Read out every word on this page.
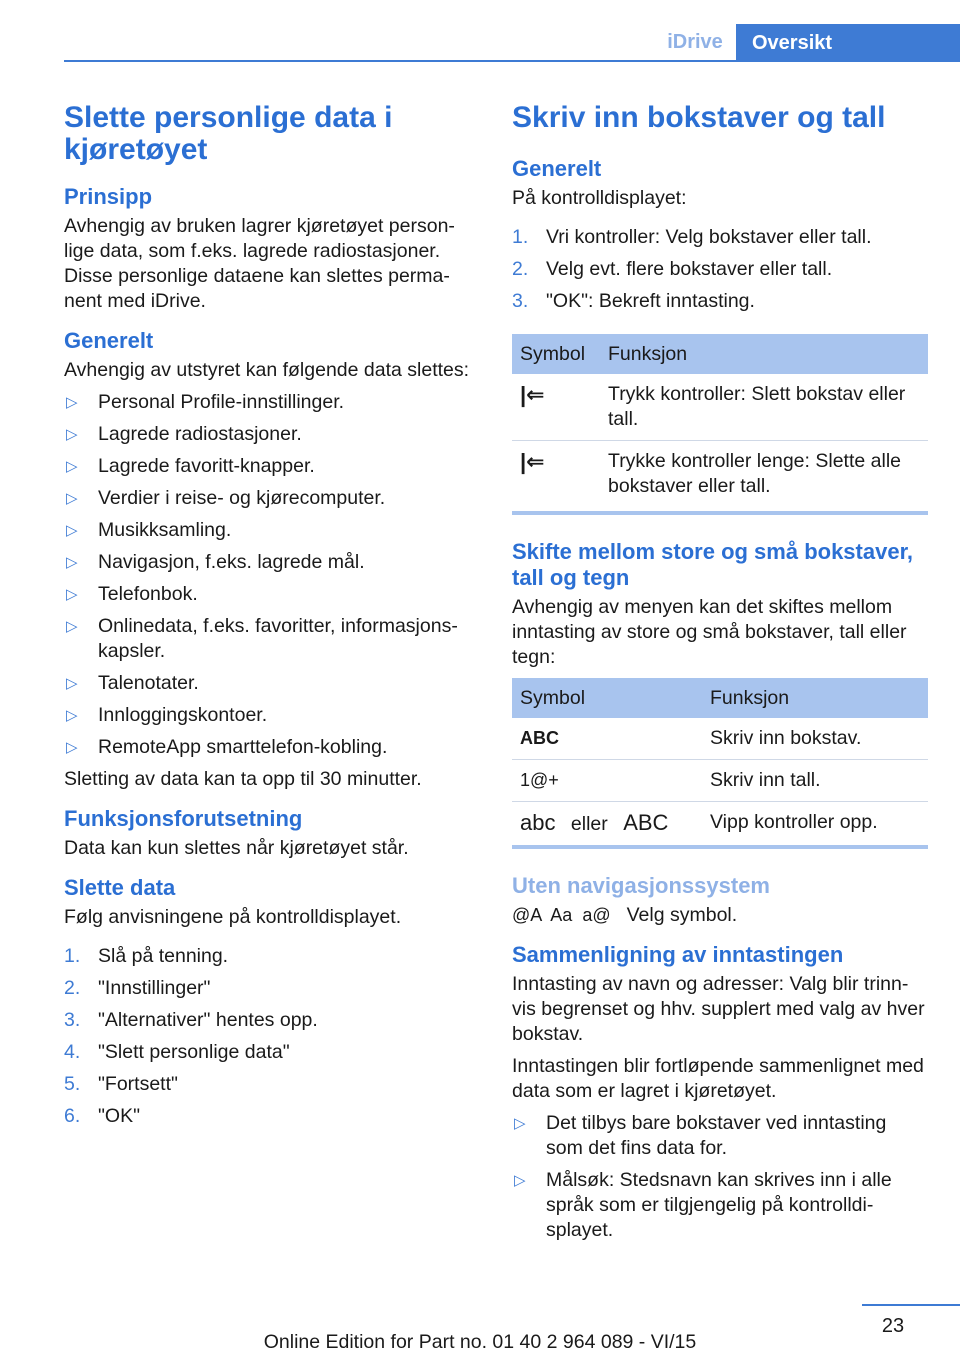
iDrive	Oversikt
Slette personlige data i kjøretøyet
Prinsipp

Avhengig av bruken lagrer kjøretøyet person-lige data, som f.eks. lagrede radiostasjoner. Disse personlige dataene kan slettes perma-nent med iDrive.

Generelt

Avhengig av utstyret kan følgende data slettes:

▷ Personal Profile-innstillinger.
▷ Lagrede radiostasjoner.
▷ Lagrede favoritt-knapper.
▷ Verdier i reise- og kjørecomputer.
▷ Musikksamling.
▷ Navigasjon, f.eks. lagrede mål.
▷ Telefonbok.
▷ Onlinedata, f.eks. favoritter, informasjons-kapsler.
▷ Talenotater.
▷ Innloggingskontoer.
▷ RemoteApp smarttelefon-kobling.

Sletting av data kan ta opp til 30 minutter.

Funksjonsforutsetning

Data kan kun slettes når kjøretøyet står.

Slette data

Følg anvisningene på kontrolldisplayet.

1. Slå på tenning.
2. "Innstillinger"
3. "Alternativer" hentes opp.
4. "Slett personlige data"
5. "Fortsett"
6. "OK"
Skriv inn bokstaver og tall
Generelt

På kontrolldisplayet:

1. Vri kontroller: Velg bokstaver eller tall.
2. Velg evt. flere bokstaver eller tall.
3. "OK": Bekreft inntasting.
Symbol	Funksjon
|⇐	Trykk kontroller: Slett bokstav eller tall.
|⇐	Trykke kontroller lenge: Slette alle bokstaver eller tall.
Skifte mellom store og små bokstaver, tall og tegn

Avhengig av menyen kan det skiftes mellom inntasting av store og små bokstaver, tall eller tegn:

Symbol	Funksjon
ABC	Skriv inn bokstav.
1@+	Skriv inn tall.
abc eller ABC	Vipp kontroller opp.
Uten navigasjonssystem
@A  Aa  a@ Velg symbol.
Sammenligning av inntastingen

Inntasting av navn og adresser: Valg blir trinn-vis begrenset og hhv. supplert med valg av hver bokstav.

Inntastingen blir fortløpende sammenlignet med data som er lagret i kjøretøyet.

▷ Det tilbys bare bokstaver ved inntasting som det fins data for.
▷ Målsøk: Stedsnavn kan skrives inn i alle språk som er tilgjengelig på kontrolldi-splayet.
23
Online Edition for Part no. 01 40 2 964 089 - VI/15
